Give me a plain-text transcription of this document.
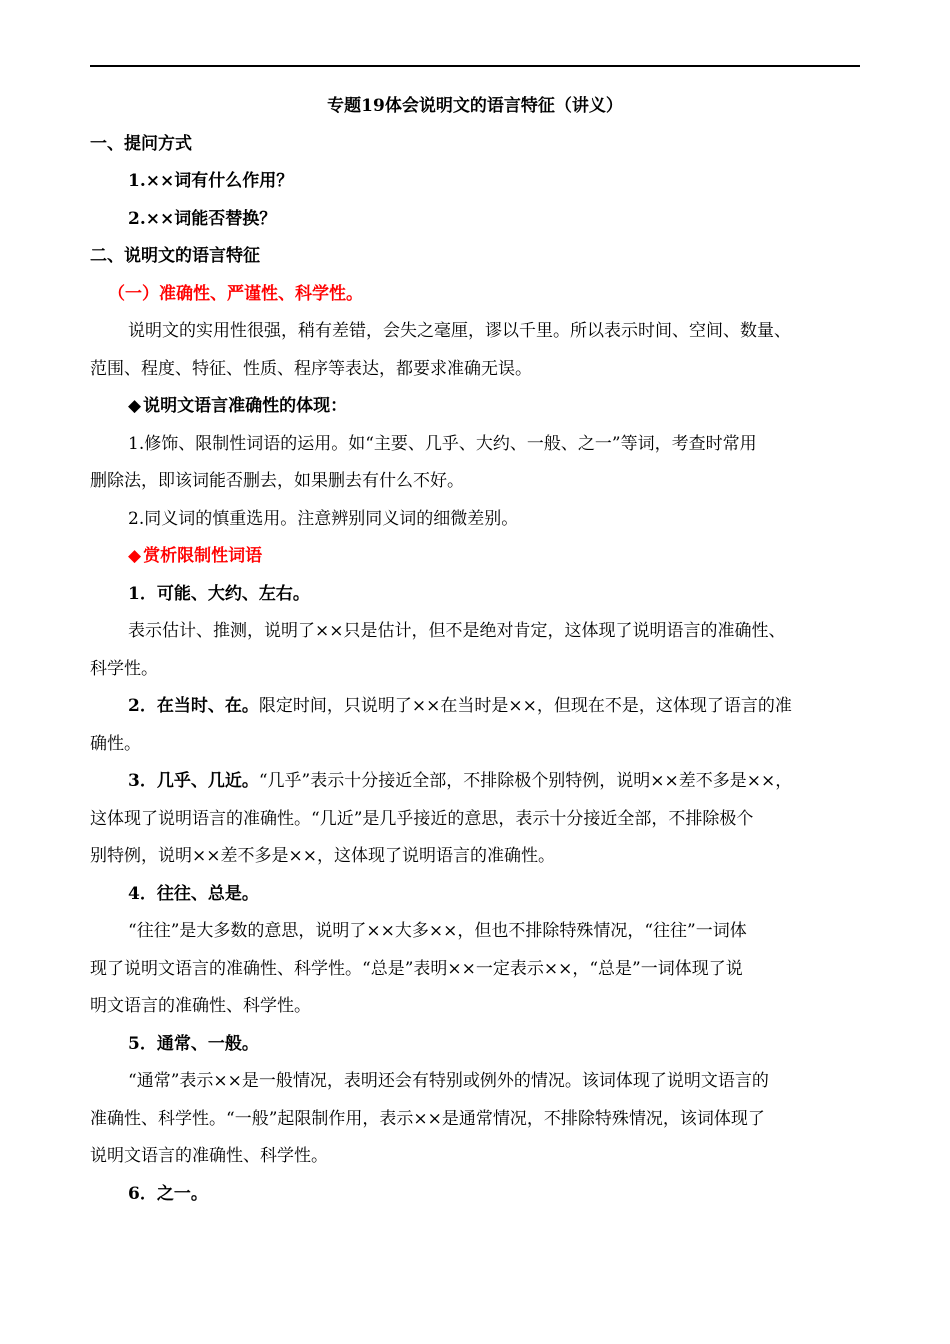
专题19体会说明文的语言特征（讲义）
一、提问方式
1.××词有什么作用？
2.××词能否替换？
二、说明文的语言特征
（一）准确性、严谨性、科学性。
说明文的实用性很强，稍有差错，会失之毫厘，谬以千里。所以表示时间、空间、数量、
范围、程度、特征、性质、程序等表达，都要求准确无误。
◆ 说明文语言准确性的体现：
1.修饰、限制性词语的运用。如“主要、几乎、大约、一般、之一”等词，考查时常用
删除法，即该词能否删去，如果删去有什么不好。
2.同义词的慎重选用。注意辨别同义词的细微差别。
◆ 赏析限制性词语
1．可能、大约、左右。
表示估计、推测，说明了××只是估计，但不是绝对肯定，这体现了说明语言的准确性、
科学性。
2．在当时、在。限定时间，只说明了××在当时是××，但现在不是，这体现了语言的准
确性。
3．几乎、几近。“几乎”表示十分接近全部，不排除极个别特例，说明××差不多是××，
这体现了说明语言的准确性。“几近”是几乎接近的意思，表示十分接近全部，不排除极个
别特例，说明××差不多是××，这体现了说明语言的准确性。
4．往往、总是。
“往往”是大多数的意思，说明了××大多××，但也不排除特殊情况，“往往”一词体
现了说明文语言的准确性、科学性。“总是”表明××一定表示××，“总是”一词体现了说
明文语言的准确性、科学性。
5．通常、一般。
“通常”表示××是一般情况，表明还会有特别或例外的情况。该词体现了说明文语言的
准确性、科学性。“一般”起限制作用，表示××是通常情况，不排除特殊情况，该词体现了
说明文语言的准确性、科学性。
6．之一。
